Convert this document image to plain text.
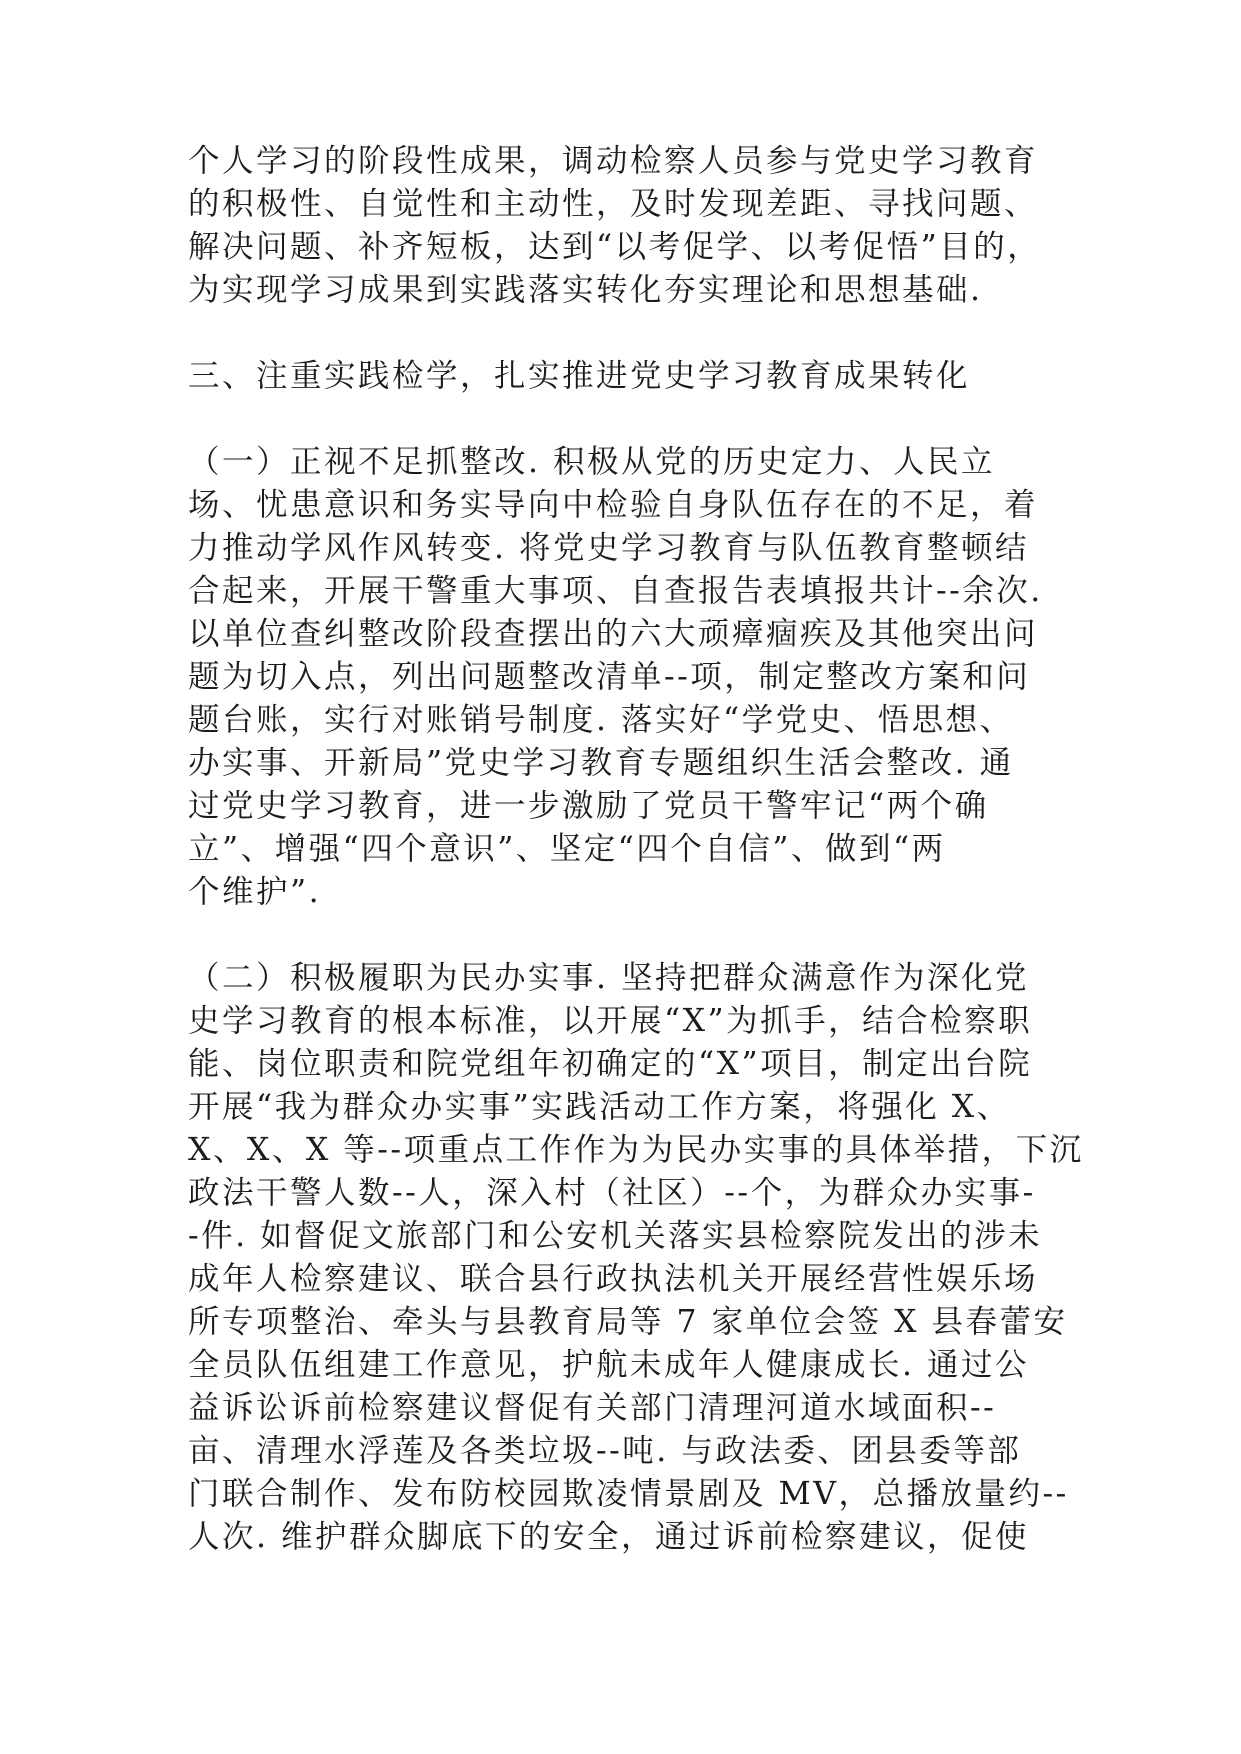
个人学习的阶段性成果，调动检察人员参与党史学习教育
的积极性、自觉性和主动性，及时发现差距、寻找问题、
解决问题、补齐短板，达到“以考促学、以考促悟”目的，
为实现学习成果到实践落实转化夯实理论和思想基础.
三、注重实践检学，扎实推进党史学习教育成果转化
（一）正视不足抓整改. 积极从党的历史定力、人民立
场、忧患意识和务实导向中检验自身队伍存在的不足，着
力推动学风作风转变. 将党史学习教育与队伍教育整顿结
合起来，开展干警重大事项、自查报告表填报共计--余次.
以单位查纠整改阶段查摆出的六大顽瘴痼疾及其他突出问
题为切入点，列出问题整改清单--项，制定整改方案和问
题台账，实行对账销号制度. 落实好“学党史、悟思想、
办实事、开新局”党史学习教育专题组织生活会整改. 通
过党史学习教育，进一步激励了党员干警牢记“两个确
立”、增强“四个意识”、坚定“四个自信”、做到“两
个维护”.
（二）积极履职为民办实事. 坚持把群众满意作为深化党
史学习教育的根本标准，以开展“X”为抓手，结合检察职
能、岗位职责和院党组年初确定的“X”项目，制定出台院
开展“我为群众办实事”实践活动工作方案，将强化 X、
X、X、X 等--项重点工作作为为民办实事的具体举措，下沉
政法干警人数--人，深入村（社区）--个，为群众办实事-
-件. 如督促文旅部门和公安机关落实县检察院发出的涉未
成年人检察建议、联合县行政执法机关开展经营性娱乐场
所专项整治、牵头与县教育局等 7 家单位会签 X 县春蕾安
全员队伍组建工作意见，护航未成年人健康成长. 通过公
益诉讼诉前检察建议督促有关部门清理河道水域面积--
亩、清理水浮莲及各类垃圾--吨. 与政法委、团县委等部
门联合制作、发布防校园欺凌情景剧及 MV，总播放量约--
人次. 维护群众脚底下的安全，通过诉前检察建议，促使
